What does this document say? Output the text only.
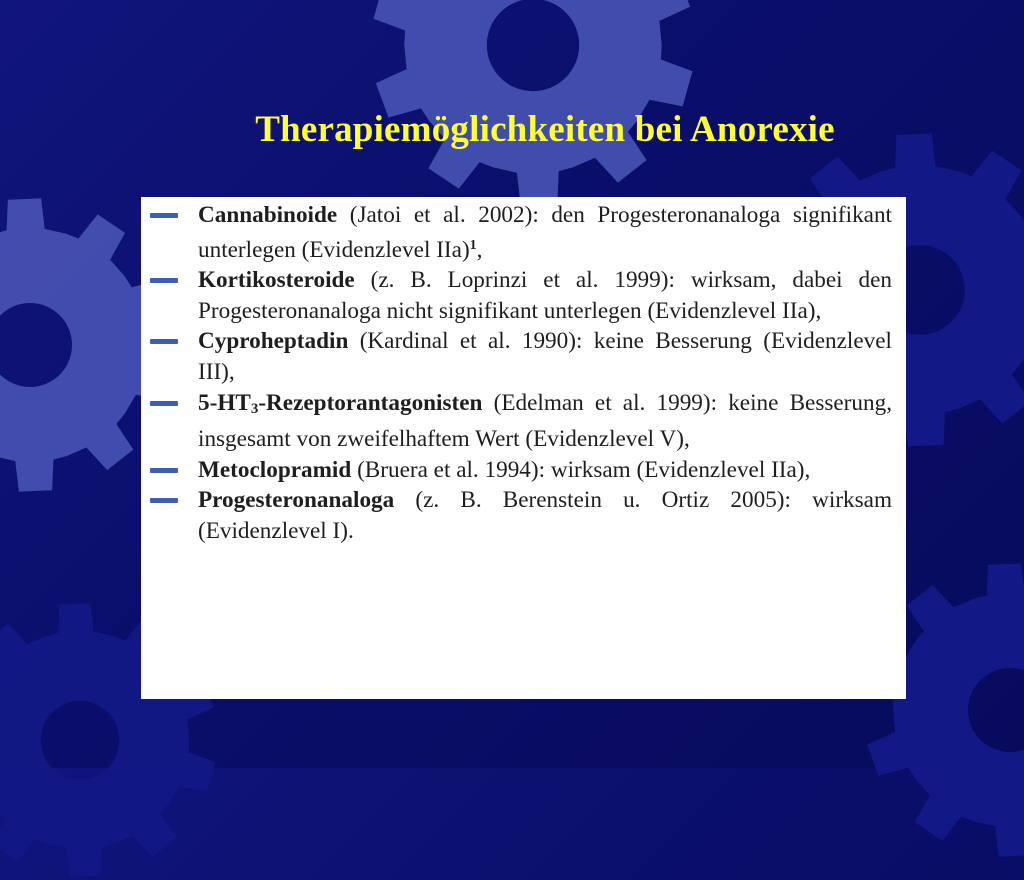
Therapiemöglichkeiten bei Anorexie
Cannabinoide (Jatoi et al. 2002): den Progesteronanaloga signifikant unterlegen (Evidenzlevel IIa)$^1$,
Kortikosteroide (z. B. Loprinzi et al. 1999): wirksam, dabei den Progesteronanaloga nicht signifikant unterlegen (Evidenzlevel IIa),
Cyproheptadin (Kardinal et al. 1990): keine Besserung (Evidenzlevel III),
$5-HT_3$-Rezeptorantagonisten (Edelman et al. 1999): keine Besserung, insgesamt von zweifelhaftem Wert (Evidenzlevel V),
Metoclopramid (Bruera et al. 1994): wirksam (Evidenzlevel IIa),
Progesteronanaloga (z. B. Berenstein u. Ortiz 2005): wirksam (Evidenzlevel I).
